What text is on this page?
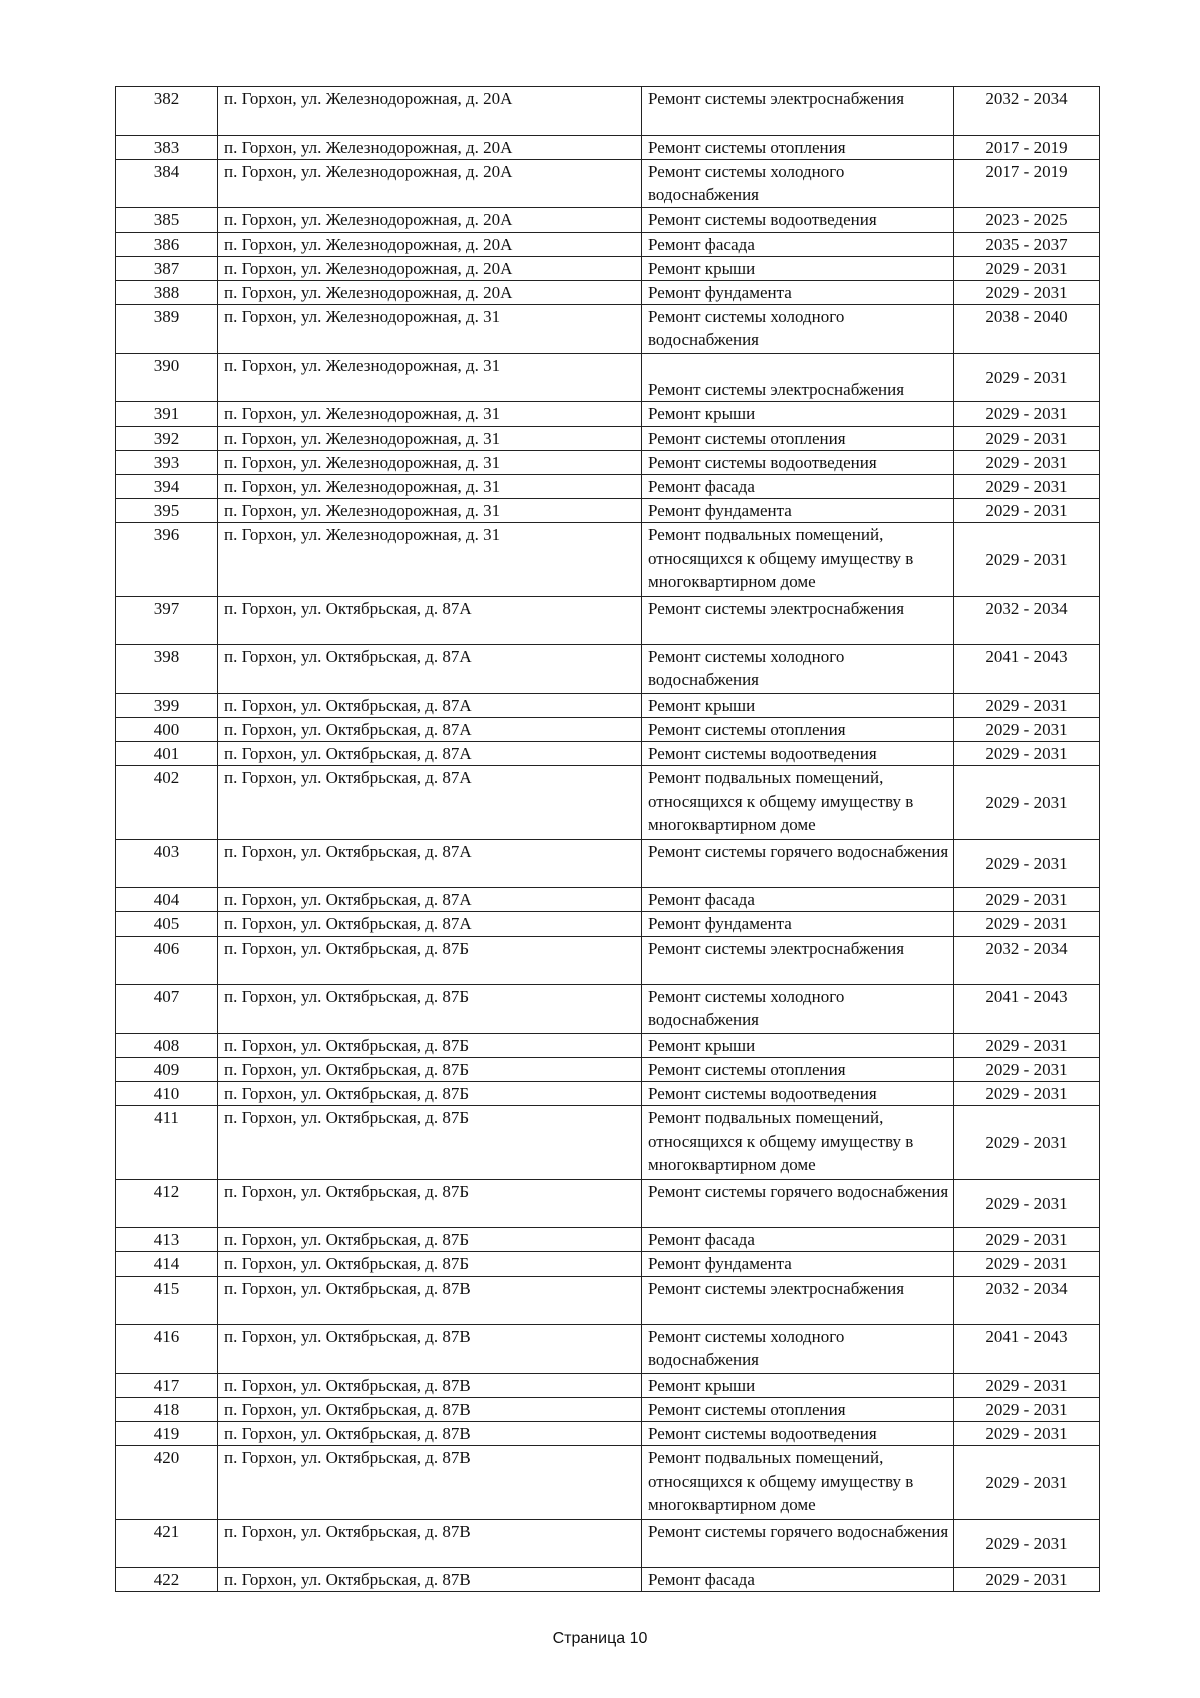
382	п. Горхон, ул. Железнодорожная, д. 20А	Ремонт системы электроснабжения	2032 - 2034
383	п. Горхон, ул. Железнодорожная, д. 20А	Ремонт системы отопления	2017 - 2019
384	п. Горхон, ул. Железнодорожная, д. 20А	Ремонт системы холодного водоснабжения	2017 - 2019
385	п. Горхон, ул. Железнодорожная, д. 20А	Ремонт системы водоотведения	2023 - 2025
386	п. Горхон, ул. Железнодорожная, д. 20А	Ремонт фасада	2035 - 2037
387	п. Горхон, ул. Железнодорожная, д. 20А	Ремонт крыши	2029 - 2031
388	п. Горхон, ул. Железнодорожная, д. 20А	Ремонт фундамента	2029 - 2031
389	п. Горхон, ул. Железнодорожная, д. 31	Ремонт системы холодного водоснабжения	2038 - 2040
390	п. Горхон, ул. Железнодорожная, д. 31	Ремонт системы электроснабжения	2029 - 2031
391	п. Горхон, ул. Железнодорожная, д. 31	Ремонт крыши	2029 - 2031
392	п. Горхон, ул. Железнодорожная, д. 31	Ремонт системы отопления	2029 - 2031
393	п. Горхон, ул. Железнодорожная, д. 31	Ремонт системы водоотведения	2029 - 2031
394	п. Горхон, ул. Железнодорожная, д. 31	Ремонт фасада	2029 - 2031
395	п. Горхон, ул. Железнодорожная, д. 31	Ремонт фундамента	2029 - 2031
396	п. Горхон, ул. Железнодорожная, д. 31	Ремонт подвальных помещений, относящихся к общему имуществу в многоквартирном доме	2029 - 2031
397	п. Горхон, ул. Октябрьская, д. 87А	Ремонт системы электроснабжения	2032 - 2034
398	п. Горхон, ул. Октябрьская, д. 87А	Ремонт системы холодного водоснабжения	2041 - 2043
399	п. Горхон, ул. Октябрьская, д. 87А	Ремонт крыши	2029 - 2031
400	п. Горхон, ул. Октябрьская, д. 87А	Ремонт системы отопления	2029 - 2031
401	п. Горхон, ул. Октябрьская, д. 87А	Ремонт системы водоотведения	2029 - 2031
402	п. Горхон, ул. Октябрьская, д. 87А	Ремонт подвальных помещений, относящихся к общему имуществу в многоквартирном доме	2029 - 2031
403	п. Горхон, ул. Октябрьская, д. 87А	Ремонт системы горячего водоснабжения	2029 - 2031
404	п. Горхон, ул. Октябрьская, д. 87А	Ремонт фасада	2029 - 2031
405	п. Горхон, ул. Октябрьская, д. 87А	Ремонт фундамента	2029 - 2031
406	п. Горхон, ул. Октябрьская, д. 87Б	Ремонт системы электроснабжения	2032 - 2034
407	п. Горхон, ул. Октябрьская, д. 87Б	Ремонт системы холодного водоснабжения	2041 - 2043
408	п. Горхон, ул. Октябрьская, д. 87Б	Ремонт крыши	2029 - 2031
409	п. Горхон, ул. Октябрьская, д. 87Б	Ремонт системы отопления	2029 - 2031
410	п. Горхон, ул. Октябрьская, д. 87Б	Ремонт системы водоотведения	2029 - 2031
411	п. Горхон, ул. Октябрьская, д. 87Б	Ремонт подвальных помещений, относящихся к общему имуществу в многоквартирном доме	2029 - 2031
412	п. Горхон, ул. Октябрьская, д. 87Б	Ремонт системы горячего водоснабжения	2029 - 2031
413	п. Горхон, ул. Октябрьская, д. 87Б	Ремонт фасада	2029 - 2031
414	п. Горхон, ул. Октябрьская, д. 87Б	Ремонт фундамента	2029 - 2031
415	п. Горхон, ул. Октябрьская, д. 87В	Ремонт системы электроснабжения	2032 - 2034
416	п. Горхон, ул. Октябрьская, д. 87В	Ремонт системы холодного водоснабжения	2041 - 2043
417	п. Горхон, ул. Октябрьская, д. 87В	Ремонт крыши	2029 - 2031
418	п. Горхон, ул. Октябрьская, д. 87В	Ремонт системы отопления	2029 - 2031
419	п. Горхон, ул. Октябрьская, д. 87В	Ремонт системы водоотведения	2029 - 2031
420	п. Горхон, ул. Октябрьская, д. 87В	Ремонт подвальных помещений, относящихся к общему имуществу в многоквартирном доме	2029 - 2031
421	п. Горхон, ул. Октябрьская, д. 87В	Ремонт системы горячего водоснабжения	2029 - 2031
422	п. Горхон, ул. Октябрьская, д. 87В	Ремонт фасада	2029 - 2031
Страница 10
